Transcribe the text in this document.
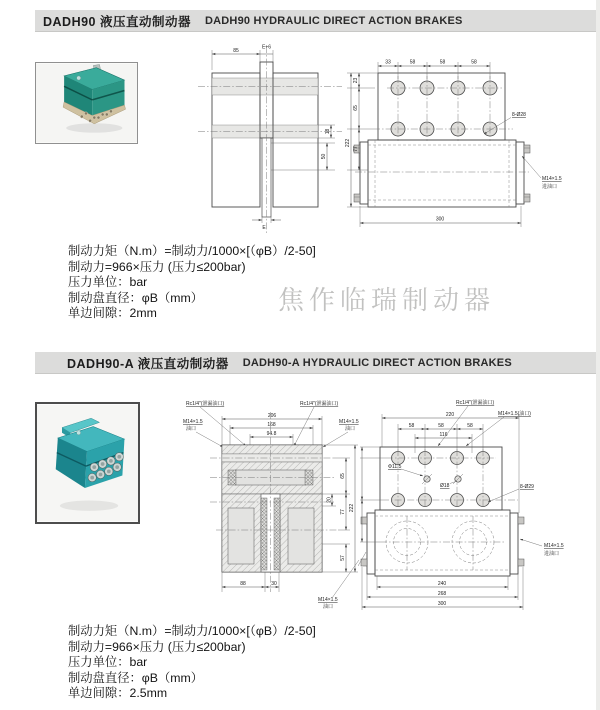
DADH90 液压直动制动器 DADH90 HYDRAULIC DIRECT ACTION BRAKES
85
E+6
18
50
E
33	58	58	58
222
23
65
77
300
8-Ø28
M14×1.5
进油口
制动力矩（N.m）=制动力/1000×[（φB）/2-50]
制动力=966×压力 (压力≤200bar)
压力单位：bar
制动盘直径：φB（mm）
单边间隙：2mm	焦作临瑞制动器
DADH90-A 液压直动制动器 DADH90-A HYDRAULIC DIRECT ACTION BRAKES
Rc1/4"(泄漏油口)	Rc1/4"(泄漏油口)
M14×1.5
油口
M14×1.5
油口
206
168
94.8
65
77
57
20
222
88	30
M14×1.5
油口
Rc1/4"(泄漏油口)
M14×1.5(油口)
220
58	58	58
116
Φ11.5
Ø18	8-Ø29
M14×1.5
进油口
240
268
300
制动力矩（N.m）=制动力/1000×[（φB）/2-50]
制动力=966×压力 (压力≤200bar)
压力单位：bar
制动盘直径：φB（mm）
单边间隙：2.5mm
